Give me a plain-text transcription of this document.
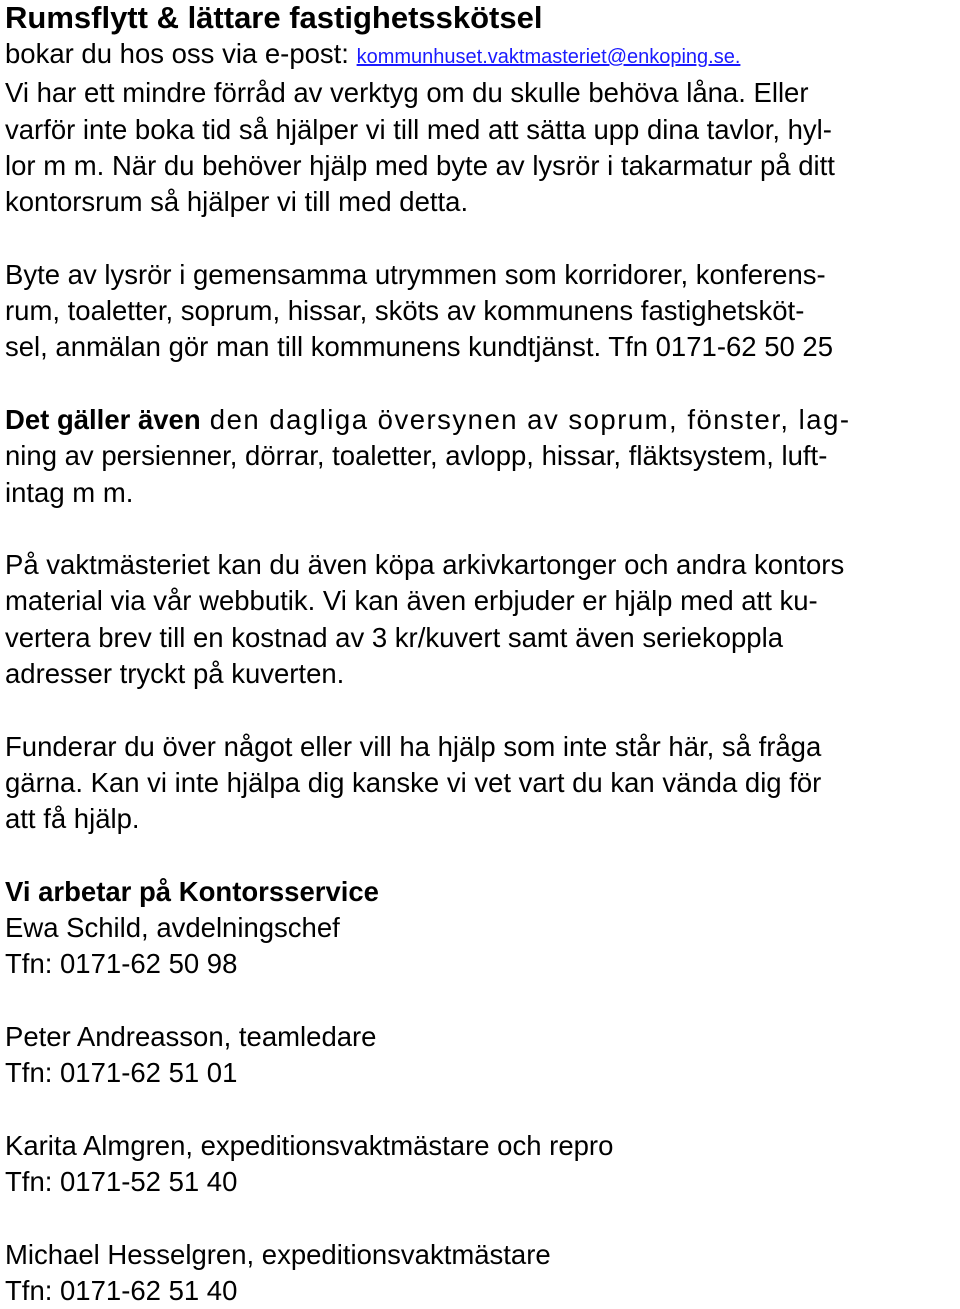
Rumsflytt & lättare fastighetsskötsel
bokar du hos oss via e-post: kommunhuset.vaktmasteriet@enkoping.se.
Vi har ett mindre förråd av verktyg om du skulle behöva låna. Eller
varför inte boka tid så hjälper vi till med att sätta upp dina tavlor, hyl-
lor m m. När du behöver hjälp med byte av lysrör i takarmatur på ditt
kontorsrum så hjälper vi till med detta.
Byte av lysrör i gemensamma utrymmen som korridorer, konferens-
rum, toaletter, soprum, hissar, sköts av kommunens fastighetsköt-
sel, anmälan gör man till kommunens kundtjänst. Tfn 0171-62 50 25
Det gäller även den dagliga översynen av soprum, fönster, lag-
ning av persienner, dörrar, toaletter, avlopp, hissar, fläktsystem, luft-
intag m m.
På vaktmästeriet kan du även köpa arkivkartonger och andra kontors
material via vår webbutik. Vi kan även erbjuder er hjälp med att ku-
vertera brev till en kostnad av 3 kr/kuvert samt även seriekoppla
adresser tryckt på kuverten.
Funderar du över något eller vill ha hjälp som inte står här, så fråga
gärna. Kan vi inte hjälpa dig kanske vi vet vart du kan vända dig för
att få hjälp.
Vi arbetar på Kontorsservice
Ewa Schild, avdelningschef
Tfn: 0171-62 50 98
Peter Andreasson, teamledare
Tfn: 0171-62 51 01
Karita Almgren, expeditionsvaktmästare och repro
Tfn: 0171-52 51 40
Michael Hesselgren, expeditionsvaktmästare
Tfn: 0171-62 51 40
